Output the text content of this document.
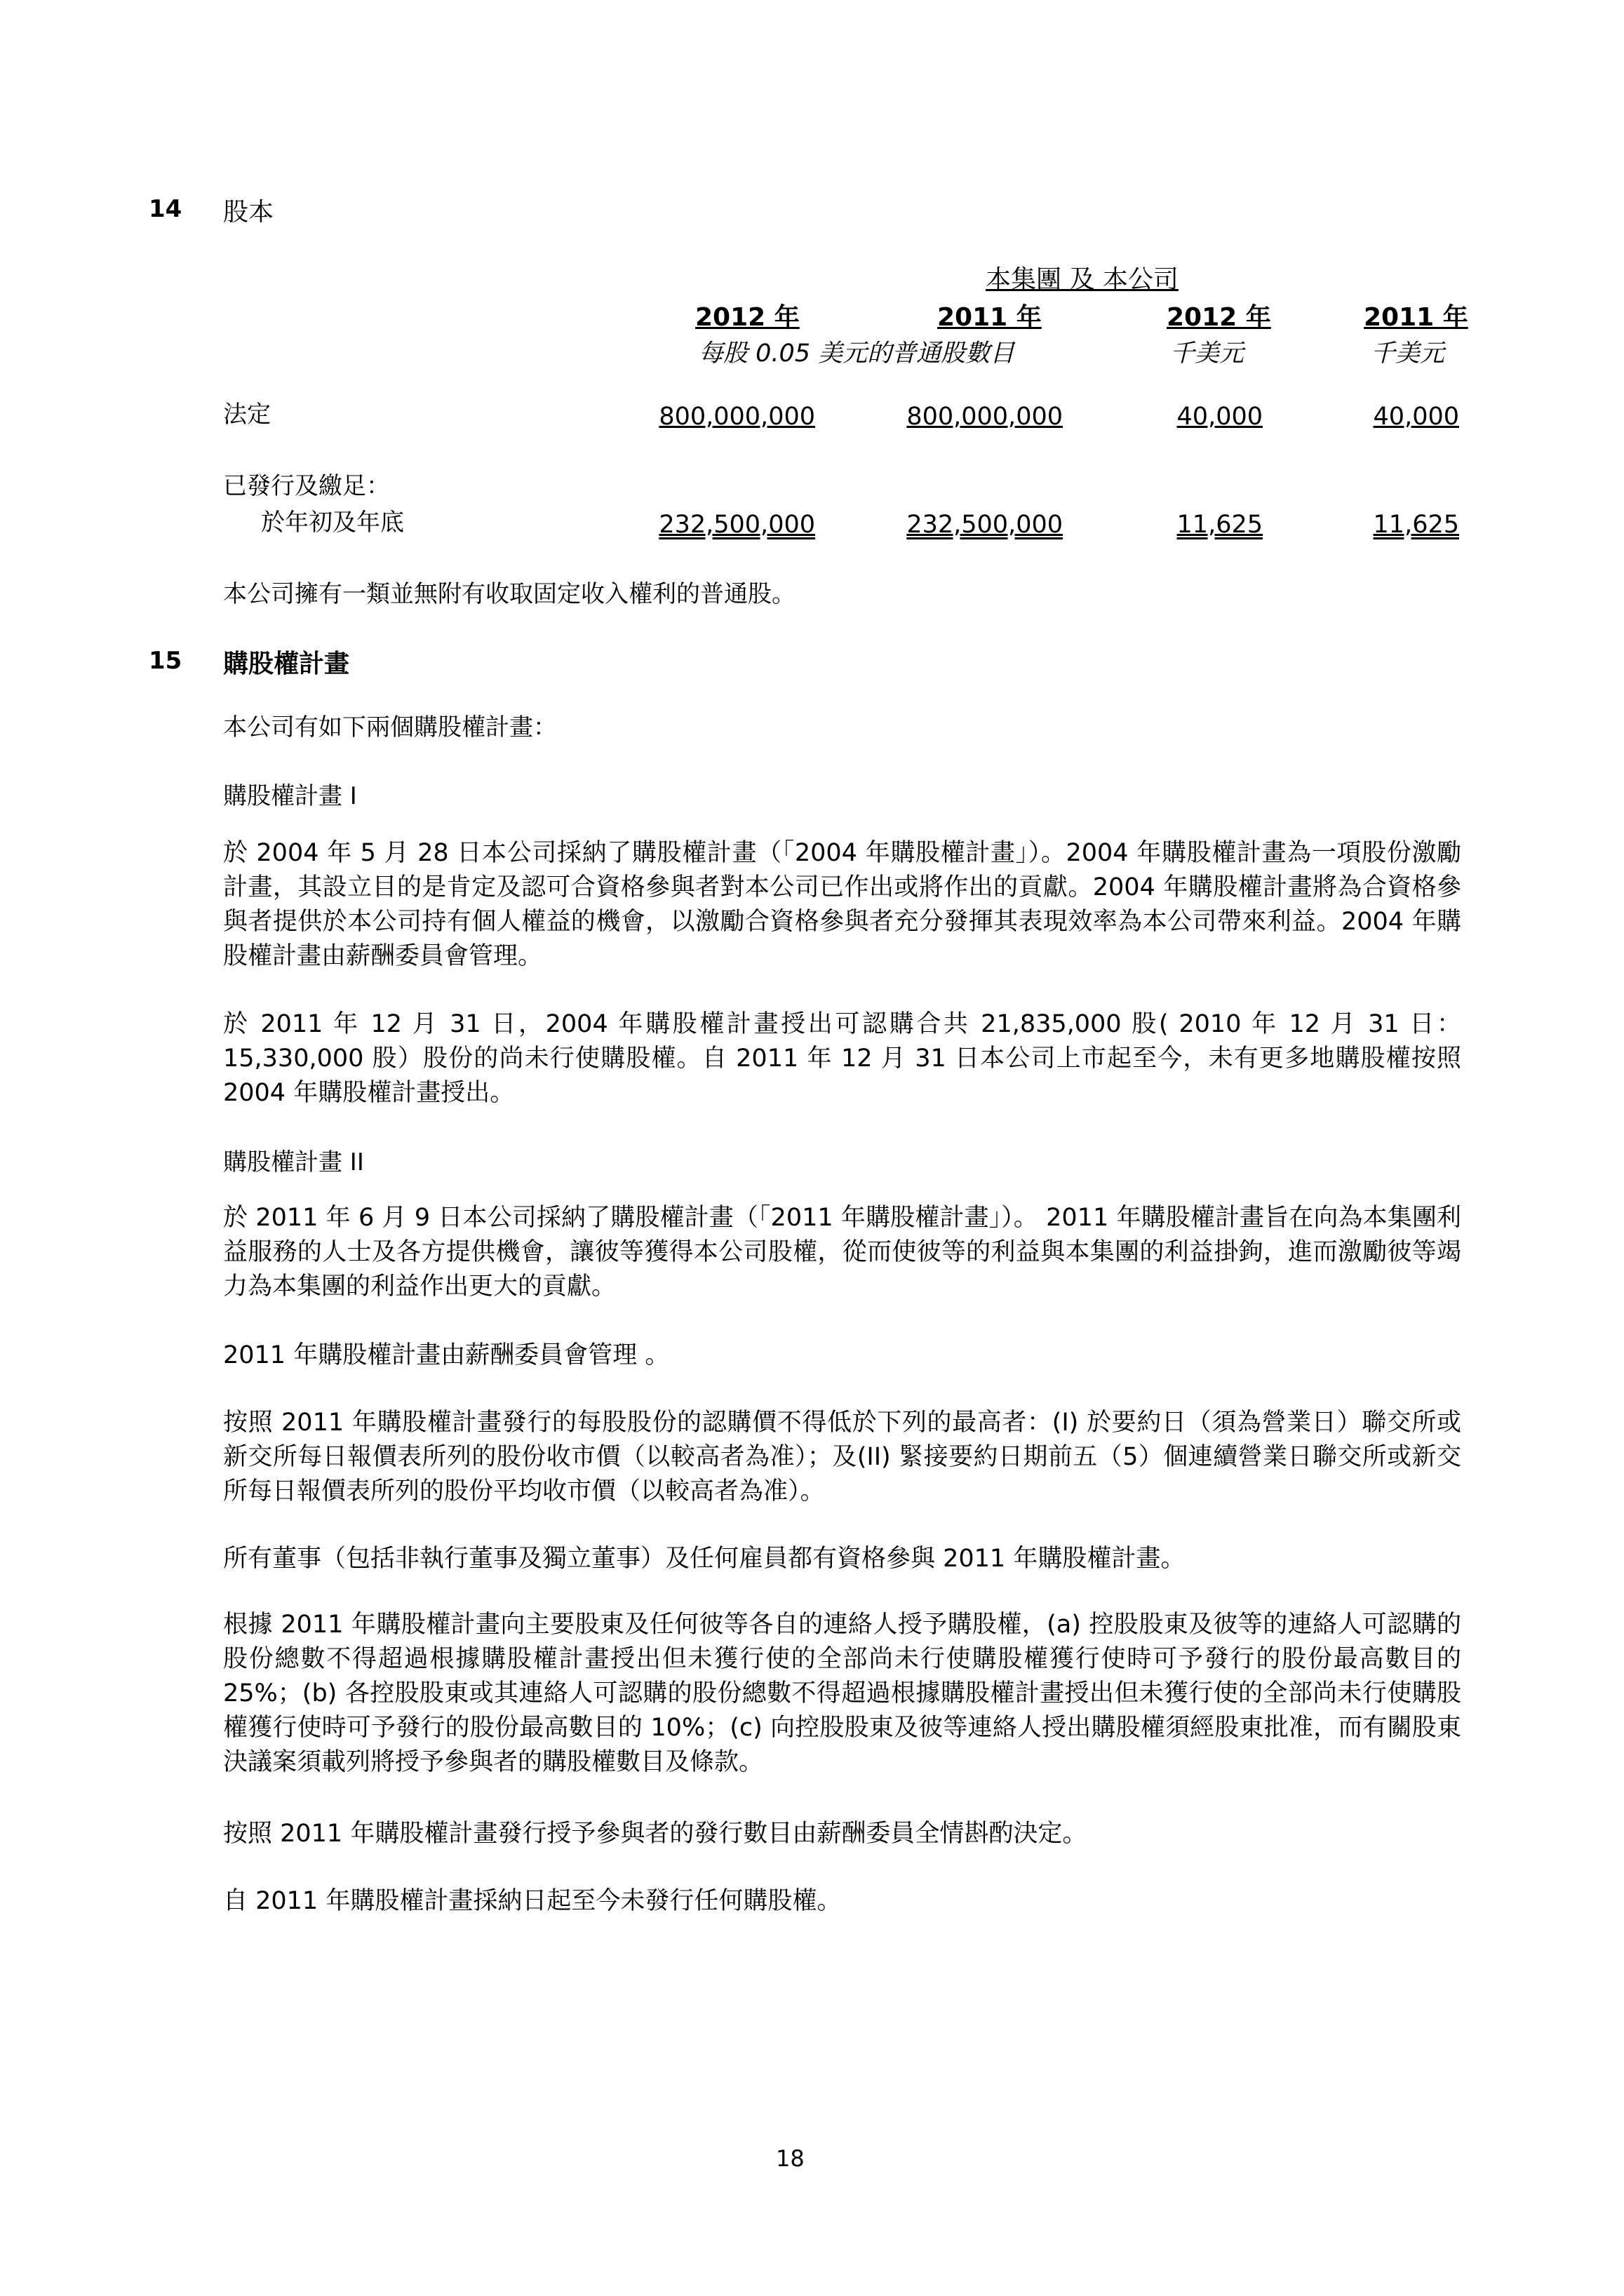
14 股本
本集團 及 本公司
2012 年	2011 年	2012 年	2011 年
每股 0.05 美元的普通股數目	千美元	千美元
法定	800,000,000	800,000,000	40,000	40,000
已發行及繳足：
於年初及年底	232,500,000	232,500,000	11,625	11,625
本公司擁有一類並無附有收取固定收入權利的普通股。
15 購股權計畫
本公司有如下兩個購股權計畫：
購股權計畫 I

於 2004 年 5 月 28 日本公司採納了購股權計畫（「2004 年購股權計畫」）。2004 年購股權計畫為一項股份激勵計畫，其設立目的是肯定及認可合資格參與者對本公司已作出或將作出的貢獻。2004 年購股權計畫將為合資格參與者提供於本公司持有個人權益的機會，以激勵合資格參與者充分發揮其表現效率為本公司帶來利益。2004 年購股權計畫由薪酬委員會管理。

於 2011 年 12 月 31 日，2004 年購股權計畫授出可認購合共 21,835,000 股( 2010 年 12 月 31 日：15,330,000 股）股份的尚未行使購股權。自 2011 年 12 月 31 日本公司上市起至今，未有更多地購股權按照 2004 年購股權計畫授出。

購股權計畫 II

於 2011 年 6 月 9 日本公司採納了購股權計畫（「2011 年購股權計畫」）。 2011 年購股權計畫旨在向為本集團利益服務的人士及各方提供機會，讓彼等獲得本公司股權，從而使彼等的利益與本集團的利益掛鉤，進而激勵彼等竭力為本集團的利益作出更大的貢獻。

2011 年購股權計畫由薪酬委員會管理 。

按照 2011 年購股權計畫發行的每股股份的認購價不得低於下列的最高者：(I) 於要約日（須為營業日）聯交所或新交所每日報價表所列的股份收市價（以較高者為准）；及(II) 緊接要約日期前五（5）個連續營業日聯交所或新交所每日報價表所列的股份平均收市價（以較高者為准）。

所有董事（包括非執行董事及獨立董事）及任何雇員都有資格參與 2011 年購股權計畫。

根據 2011 年購股權計畫向主要股東及任何彼等各自的連絡人授予購股權，(a) 控股股東及彼等的連絡人可認購的股份總數不得超過根據購股權計畫授出但未獲行使的全部尚未行使購股權獲行使時可予發行的股份最高數目的 25%；(b) 各控股股東或其連絡人可認購的股份總數不得超過根據購股權計畫授出但未獲行使的全部尚未行使購股權獲行使時可予發行的股份最高數目的 10%；(c) 向控股股東及彼等連絡人授出購股權須經股東批准，而有關股東決議案須載列將授予參與者的購股權數目及條款。

按照 2011 年購股權計畫發行授予參與者的發行數目由薪酬委員全情斟酌決定。

自 2011 年購股權計畫採納日起至今未發行任何購股權。

18
